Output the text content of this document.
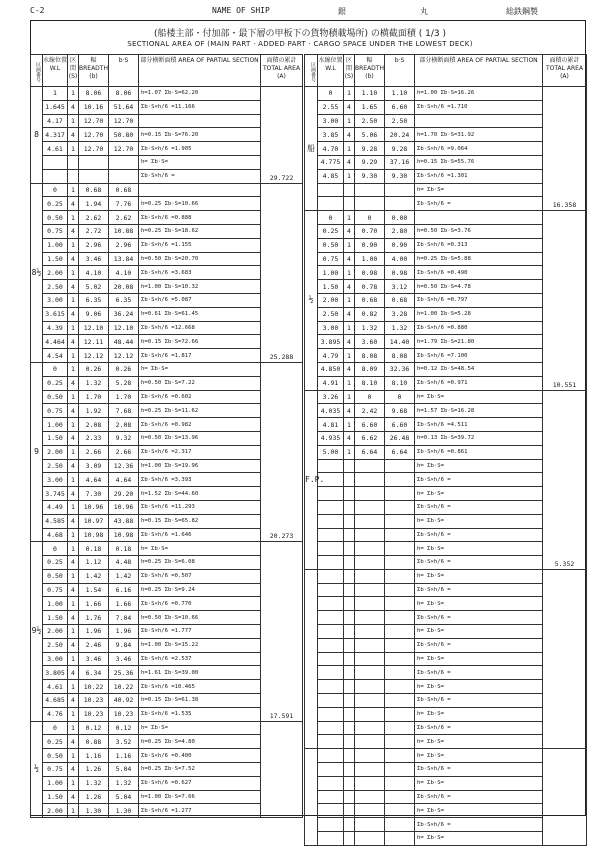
C-2	NAME OF SHIP	銀	丸	総鉄鋼製
(船楼主部・付加部・最下層の甲板下の貨物積載場所) の横截面積 ( 1/3 )
SECTIONAL AREA OF (MAIN PART · ADDED PART · CARGO SPACE UNDER THE LOWEST DECK)
区画番号	水線位置 W.L	区間 (S)	幅 BREADTH (b)	b·S	部分横断面積 AREA OF PARTIAL SECTION	面積の累計 TOTAL AREA (A)
8	1	1	8.06	8.06	h=1.07 Σb·S=62.20	29.722
	1.645	4	10.16	51.64	Σb·S×h/6 =11.166	
	4.17	1	12.70	12.70		
	4.317	4	12.70	50.80	h=0.15 Σb·S=76.20	
	4.61	1	12.70	12.70	Σb·S×h/6 =1.905	
					h= Σb·S=	
					Σb·S×h/6 =	
8½	0	1	0.68	0.68		25.288
	0.25	4	1.94	7.76	h=0.25 Σb·S=10.66	
	0.50	1	2.62	2.62	Σb·S×h/6 =0.888	
	0.75	4	2.72	10.88	h=0.25 Σb·S=18.62	
	1.00	1	2.96	2.96	Σb·S×h/6 =1.155	
	1.50	4	3.46	13.84	h=0.50 Σb·S=20.70	
	2.00	1	4.10	4.10	Σb·S×h/6 =3.683	
	2.50	4	5.02	20.08	h=1.00 Σb·S=10.32	
	3.00	1	6.35	6.35	Σb·S×h/6 =5.087	
	3.615	4	9.06	36.24	h=0.61 Σb·S=61.45	
	4.39	1	12.10	12.10	Σb·S×h/6 =12.668	
	4.464	4	12.11	48.44	h=0.15 Σb·S=72.66	
	4.54	1	12.12	12.12	Σb·S×h/6 =1.817	
9	0	1	0.26	0.26	h= Σb·S=	20.273
	0.25	4	1.32	5.28	h=0.50 Σb·S=7.22	
	0.50	1	1.70	1.70	Σb·S×h/6 =0.602	
	0.75	4	1.92	7.68	h=0.25 Σb·S=11.62	
	1.00	1	2.08	2.08	Σb·S×h/6 =0.982	
	1.50	4	2.33	9.32	h=0.50 Σb·S=13.96	
	2.00	1	2.66	2.66	Σb·S×h/6 =2.317	
	2.50	4	3.09	12.36	h=1.00 Σb·S=19.96	
	3.00	1	4.64	4.64	Σb·S×h/6 =3.393	
	3.745	4	7.30	29.20	h=1.52 Σb·S=44.60	
	4.49	1	10.96	10.96	Σb·S×h/6 =11.293	
	4.585	4	10.97	43.88	h=0.15 Σb·S=65.82	
	4.68	1	10.98	10.98	Σb·S×h/6 =1.646	
9½	0	1	0.18	0.18	h= Σb·S=	17.591
	0.25	4	1.12	4.48	h=0.25 Σb·S=6.08	
	0.50	1	1.42	1.42	Σb·S×h/6 =0.507	
	0.75	4	1.54	6.16	h=0.25 Σb·S=9.24	
	1.00	1	1.66	1.66	Σb·S×h/6 =0.770	
	1.50	4	1.76	7.04	h=0.50 Σb·S=10.66	
	2.00	1	1.96	1.96	Σb·S×h/6 =1.777	
	2.50	4	2.46	9.84	h=1.00 Σb·S=15.22	
	3.00	1	3.46	3.46	Σb·S×h/6 =2.537	
	3.805	4	6.34	25.36	h=1.61 Σb·S=39.00	
	4.61	1	10.22	10.22	Σb·S×h/6 =10.465	
	4.685	4	10.23	40.92	h=0.15 Σb·S=61.38	
	4.76	1	10.23	10.23	Σb·S×h/6 =1.535	
½	0	1	0.12	0.12	h= Σb·S=	
	0.25	4	0.88	3.52	h=0.25 Σb·S=4.80	
	0.50	1	1.16	1.16	Σb·S×h/6 =0.400	
	0.75	4	1.26	5.04	h=0.25 Σb·S=7.52	
	1.00	1	1.32	1.32	Σb·S×h/6 =0.627	
	1.50	4	1.26	5.04	h=1.00 Σb·S=7.66	
	2.00	1	1.30	1.30	Σb·S×h/6 =1.277	
区画番号	水線位置 W.L	区間 (S)	幅 BREADTH (b)	b·S	部分横断面積 AREA OF PARTIAL SECTION	面積の累計 TOTAL AREA (A)
船	0	1	1.10	1.10	h=1.00 Σb·S=16.26	16.358
	2.55	4	1.65	6.60	Σb·S×h/6 =1.710	
	3.00	1	2.50	2.50		
	3.85	4	5.06	20.24	h=1.70 Σb·S=31.92	
	4.70	1	9.28	9.28	Σb·S×h/6 =9.064	
	4.775	4	9.29	37.16	h=0.15 Σb·S=55.76	
	4.85	1	9.30	9.30	Σb·S×h/6 =1.301	
					h= Σb·S=	
					Σb·S×h/6 =	
½	0	1	0	0.00		10.551
	0.25	4	0.70	2.80	h=0.50 Σb·S=3.76	
	0.50	1	0.90	0.90	Σb·S×h/6 =0.313	
	0.75	4	1.00	4.00	h=0.25 Σb·S=5.88	
	1.00	1	0.98	0.98	Σb·S×h/6 =0.490	
	1.50	4	0.78	3.12	h=0.50 Σb·S=4.78	
	2.00	1	0.68	0.68	Σb·S×h/6 =0.797	
	2.50	4	0.82	3.28	h=1.00 Σb·S=5.28	
	3.00	1	1.32	1.32	Σb·S×h/6 =0.880	
	3.895	4	3.60	14.40	h=1.79 Σb·S=21.80	
	4.79	1	8.08	8.08	Σb·S×h/6 =7.100	
	4.850	4	8.09	32.36	h=0.12 Σb·S=48.54	
	4.91	1	8.10	8.10	Σb·S×h/6 =0.971	
F.P.	3.26	1	0	0	h= Σb·S=	5.352
	4.035	4	2.42	9.68	h=1.57 Σb·S=16.28	
	4.81	1	6.60	6.60	Σb·S×h/6 =4.511	
	4.935	4	6.62	26.48	h=0.13 Σb·S=39.72	
	5.00	1	6.64	6.64	Σb·S×h/6 =0.861	
					h= Σb·S=	
					Σb·S×h/6 =	
					h= Σb·S=	
					Σb·S×h/6 =	
					h= Σb·S=	
					Σb·S×h/6 =	
					h= Σb·S=	
					Σb·S×h/6 =	
					h= Σb·S=	
					Σb·S×h/6 =	
					h= Σb·S=	
					Σb·S×h/6 =	
					h= Σb·S=	
					Σb·S×h/6 =	
					h= Σb·S=	
					Σb·S×h/6 =	
					h= Σb·S=	
					Σb·S×h/6 =	
					h= Σb·S=	
					Σb·S×h/6 =	
					h= Σb·S=	
					h= Σb·S=	
					Σb·S×h/6 =	
					h= Σb·S=	
					Σb·S×h/6 =	
					h= Σb·S=	
					Σb·S×h/6 =	
					h= Σb·S=	
